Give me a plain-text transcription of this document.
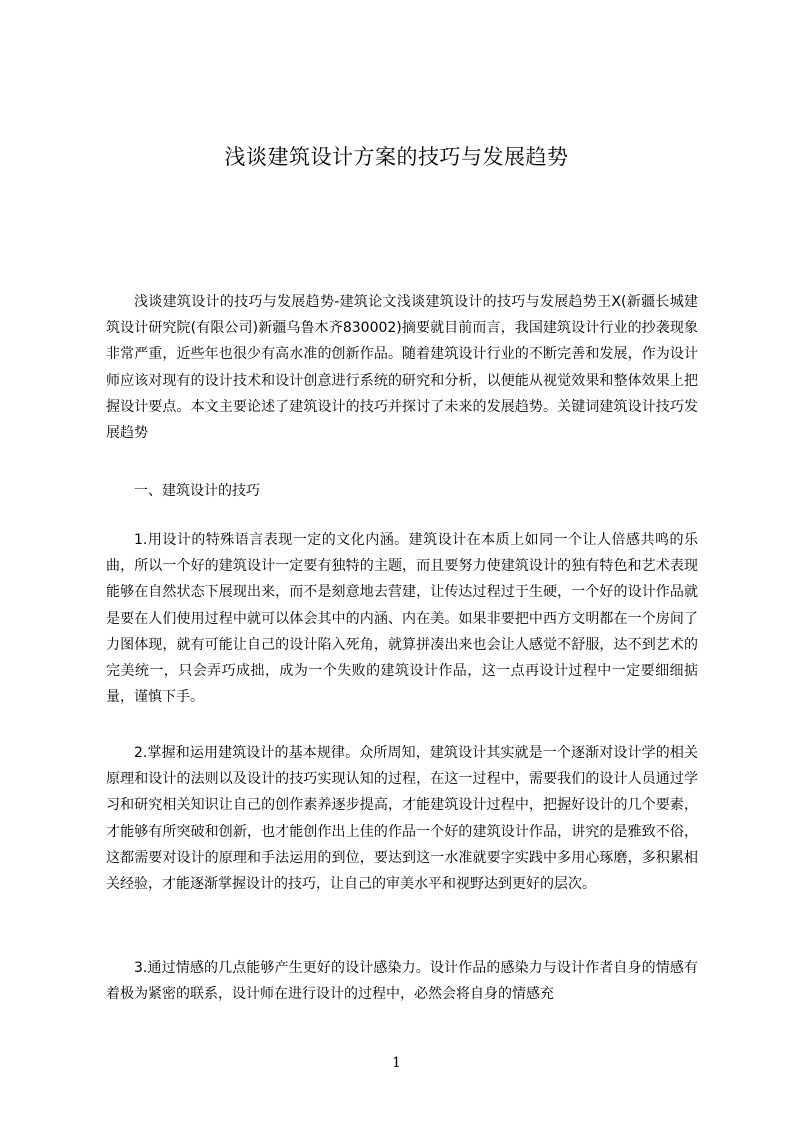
浅谈建筑设计方案的技巧与发展趋势

浅谈建筑设计的技巧与发展趋势-建筑论文浅谈建筑设计的技巧与发展趋势王X(新疆长城建筑设计研究院(有限公司)新疆乌鲁木齐830002)摘要就目前而言，我国建筑设计行业的抄袭现象非常严重，近些年也很少有高水准的创新作品。随着建筑设计行业的不断完善和发展，作为设计师应该对现有的设计技术和设计创意进行系统的研究和分析，以便能从视觉效果和整体效果上把握设计要点。本文主要论述了建筑设计的技巧并探讨了未来的发展趋势。关键词建筑设计技巧发展趋势

一、建筑设计的技巧

1.用设计的特殊语言表现一定的文化内涵。建筑设计在本质上如同一个让人倍感共鸣的乐曲，所以一个好的建筑设计一定要有独特的主题，而且要努力使建筑设计的独有特色和艺术表现能够在自然状态下展现出来，而不是刻意地去营建，让传达过程过于生硬，一个好的设计作品就是要在人们使用过程中就可以体会其中的内涵、内在美。如果非要把中西方文明都在一个房间了力图体现，就有可能让自己的设计陷入死角，就算拼凑出来也会让人感觉不舒服，达不到艺术的完美统一，只会弄巧成拙，成为一个失败的建筑设计作品，这一点再设计过程中一定要细细掂量，谨慎下手。

2.掌握和运用建筑设计的基本规律。众所周知，建筑设计其实就是一个逐渐对设计学的相关原理和设计的法则以及设计的技巧实现认知的过程，在这一过程中，需要我们的设计人员通过学习和研究相关知识让自己的创作素养逐步提高，才能建筑设计过程中，把握好设计的几个要素，才能够有所突破和创新，也才能创作出上佳的作品一个好的建筑设计作品，讲究的是雅致不俗，这都需要对设计的原理和手法运用的到位，要达到这一水准就要字实践中多用心琢磨，多积累相关经验，才能逐渐掌握设计的技巧，让自己的审美水平和视野达到更好的层次。

3.通过情感的几点能够产生更好的设计感染力。设计作品的感染力与设计作者自身的情感有着极为紧密的联系，设计师在进行设计的过程中，必然会将自身的情感充

1
